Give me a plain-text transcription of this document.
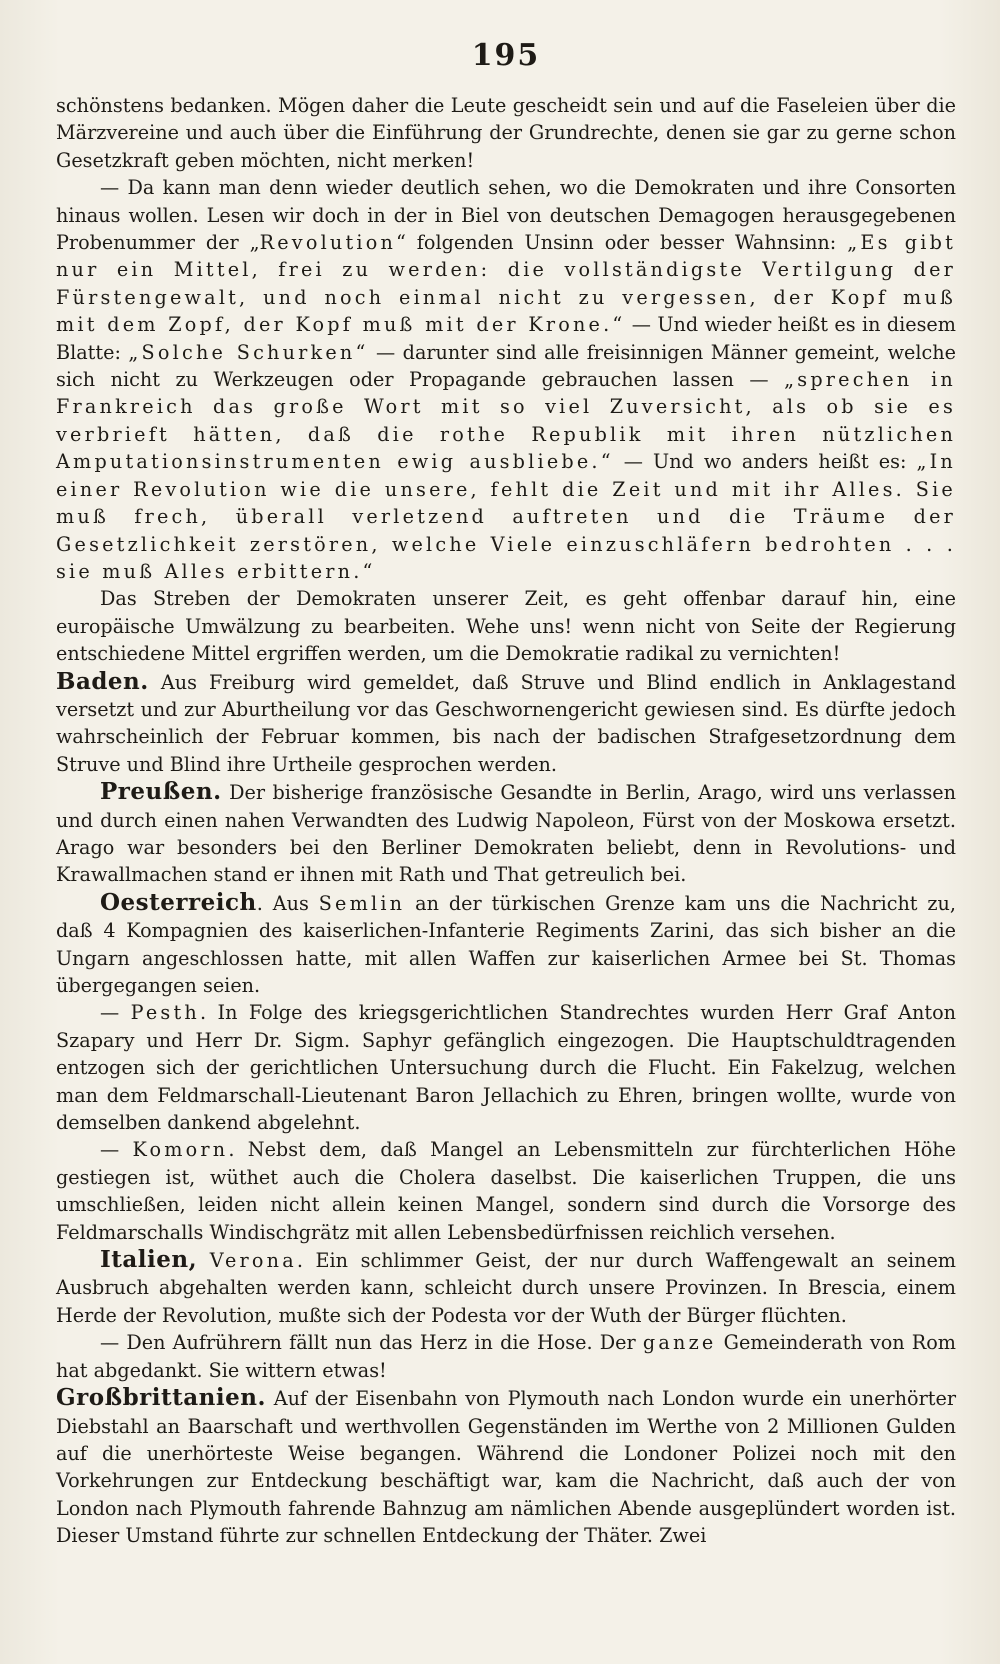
195

schönstens bedanken. Mögen daher die Leute gescheidt sein und auf die Faseleien über die Märzvereine und auch über die Einführung der Grundrechte, denen sie gar zu gerne schon Gesetzkraft geben möchten, nicht merken!

— Da kann man denn wieder deutlich sehen, wo die Demokraten und ihre Consorten hinaus wollen. Lesen wir doch in der in Biel von deutschen Demagogen herausgegebenen Probenummer der „Revolution“ folgenden Unsinn oder besser Wahnsinn: „Es gibt nur ein Mittel, frei zu werden: die vollständigste Vertilgung der Fürstengewalt, und noch einmal nicht zu vergessen, der Kopf muß mit dem Zopf, der Kopf muß mit der Krone.“ — Und wieder heißt es in diesem Blatte: „Solche Schurken“ — darunter sind alle freisinnigen Männer gemeint, welche sich nicht zu Werkzeugen oder Propagande gebrauchen lassen — „sprechen in Frankreich das große Wort mit so viel Zuversicht, als ob sie es verbrieft hätten, daß die rothe Republik mit ihren nützlichen Amputationsinstrumenten ewig ausbliebe.“ — Und wo anders heißt es: „In einer Revolution wie die unsere, fehlt die Zeit und mit ihr Alles. Sie muß frech, überall verletzend auftreten und die Träume der Gesetzlichkeit zerstören, welche Viele einzuschläfern bedrohten . . . sie muß Alles erbittern.“

Das Streben der Demokraten unserer Zeit, es geht offenbar darauf hin, eine europäische Umwälzung zu bearbeiten. Wehe uns! wenn nicht von Seite der Regierung entschiedene Mittel ergriffen werden, um die Demokratie radikal zu vernichten!

Baden. Aus Freiburg wird gemeldet, daß Struve und Blind endlich in Anklagestand versetzt und zur Aburtheilung vor das Geschwornengericht gewiesen sind. Es dürfte jedoch wahrscheinlich der Februar kommen, bis nach der badischen Strafgesetzordnung dem Struve und Blind ihre Urtheile gesprochen werden.

Preußen. Der bisherige französische Gesandte in Berlin, Arago, wird uns verlassen und durch einen nahen Verwandten des Ludwig Napoleon, Fürst von der Moskowa ersetzt. Arago war besonders bei den Berliner Demokraten beliebt, denn in Revolutions- und Krawallmachen stand er ihnen mit Rath und That getreulich bei.

Oesterreich. Aus Semlin an der türkischen Grenze kam uns die Nachricht zu, daß 4 Kompagnien des kaiserlichen-Infanterie Regiments Zarini, das sich bisher an die Ungarn angeschlossen hatte, mit allen Waffen zur kaiserlichen Armee bei St. Thomas übergegangen seien.

— Pesth. In Folge des kriegsgerichtlichen Standrechtes wurden Herr Graf Anton Szapary und Herr Dr. Sigm. Saphyr gefänglich eingezogen. Die Hauptschuldtragenden entzogen sich der gerichtlichen Untersuchung durch die Flucht. Ein Fakelzug, welchen man dem Feldmarschall-Lieutenant Baron Jellachich zu Ehren, bringen wollte, wurde von demselben dankend abgelehnt.

— Komorn. Nebst dem, daß Mangel an Lebensmitteln zur fürchterlichen Höhe gestiegen ist, wüthet auch die Cholera daselbst. Die kaiserlichen Truppen, die uns umschließen, leiden nicht allein keinen Mangel, sondern sind durch die Vorsorge des Feldmarschalls Windischgrätz mit allen Lebensbedürfnissen reichlich versehen.

Italien, Verona. Ein schlimmer Geist, der nur durch Waffengewalt an seinem Ausbruch abgehalten werden kann, schleicht durch unsere Provinzen. In Brescia, einem Herde der Revolution, mußte sich der Podesta vor der Wuth der Bürger flüchten.

— Den Aufrührern fällt nun das Herz in die Hose. Der ganze Gemeinderath von Rom hat abgedankt. Sie wittern etwas!

Großbrittanien. Auf der Eisenbahn von Plymouth nach London wurde ein unerhörter Diebstahl an Baarschaft und werthvollen Gegenständen im Werthe von 2 Millionen Gulden auf die unerhörteste Weise begangen. Während die Londoner Polizei noch mit den Vorkehrungen zur Entdeckung beschäftigt war, kam die Nachricht, daß auch der von London nach Plymouth fahrende Bahnzug am nämlichen Abende ausgeplündert worden ist. Dieser Umstand führte zur schnellen Entdeckung der Thäter. Zwei
